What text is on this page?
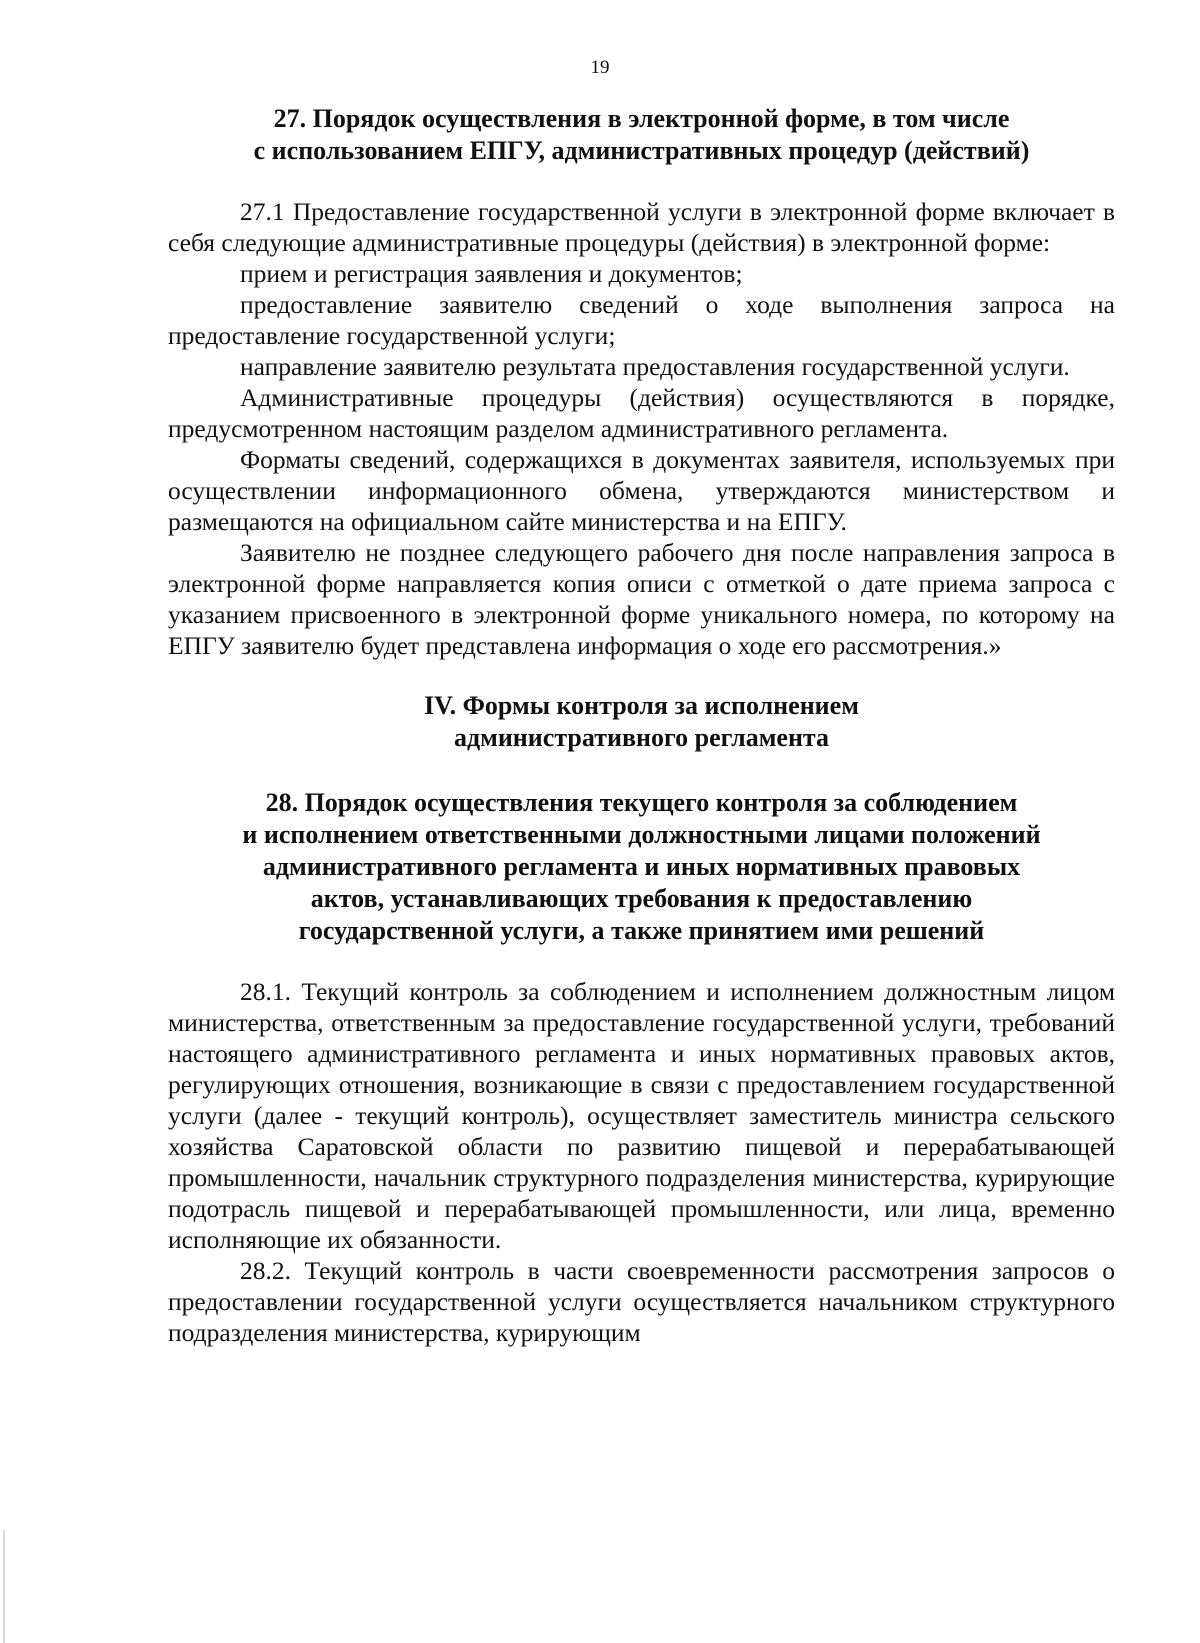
19
27. Порядок осуществления в электронной форме, в том числе
с использованием ЕПГУ, административных процедур (действий)

27.1 Предоставление государственной услуги в электронной форме включает в себя следующие административные процедуры (действия) в электронной форме:

прием и регистрация заявления и документов;

предоставление заявителю сведений о ходе выполнения запроса на предоставление государственной услуги;

направление заявителю результата предоставления государственной услуги.

Административные процедуры (действия) осуществляются в порядке, предусмотренном настоящим разделом административного регламента.

Форматы сведений, содержащихся в документах заявителя, используемых при осуществлении информационного обмена, утверждаются министерством и размещаются на официальном сайте министерства и на ЕПГУ.

Заявителю не позднее следующего рабочего дня после направления запроса в электронной форме направляется копия описи с отметкой о дате приема запроса с указанием присвоенного в электронной форме уникального номера, по которому на ЕПГУ заявителю будет представлена информация о ходе его рассмотрения.»

IV. Формы контроля за исполнением
административного регламента
28. Порядок осуществления текущего контроля за соблюдением
и исполнением ответственными должностными лицами положений
административного регламента и иных нормативных правовых
актов, устанавливающих требования к предоставлению
государственной услуги, а также принятием ими решений

28.1. Текущий контроль за соблюдением и исполнением должностным лицом министерства, ответственным за предоставление государственной услуги, требований настоящего административного регламента и иных нормативных правовых актов, регулирующих отношения, возникающие в связи с предоставлением государственной услуги (далее - текущий контроль), осуществляет заместитель министра сельского хозяйства Саратовской области по развитию пищевой и перерабатывающей промышленности, начальник структурного подразделения министерства, курирующие подотрасль пищевой и перерабатывающей промышленности, или лица, временно исполняющие их обязанности.

28.2. Текущий контроль в части своевременности рассмотрения запросов о предоставлении государственной услуги осуществляется начальником структурного подразделения министерства, курирующим
